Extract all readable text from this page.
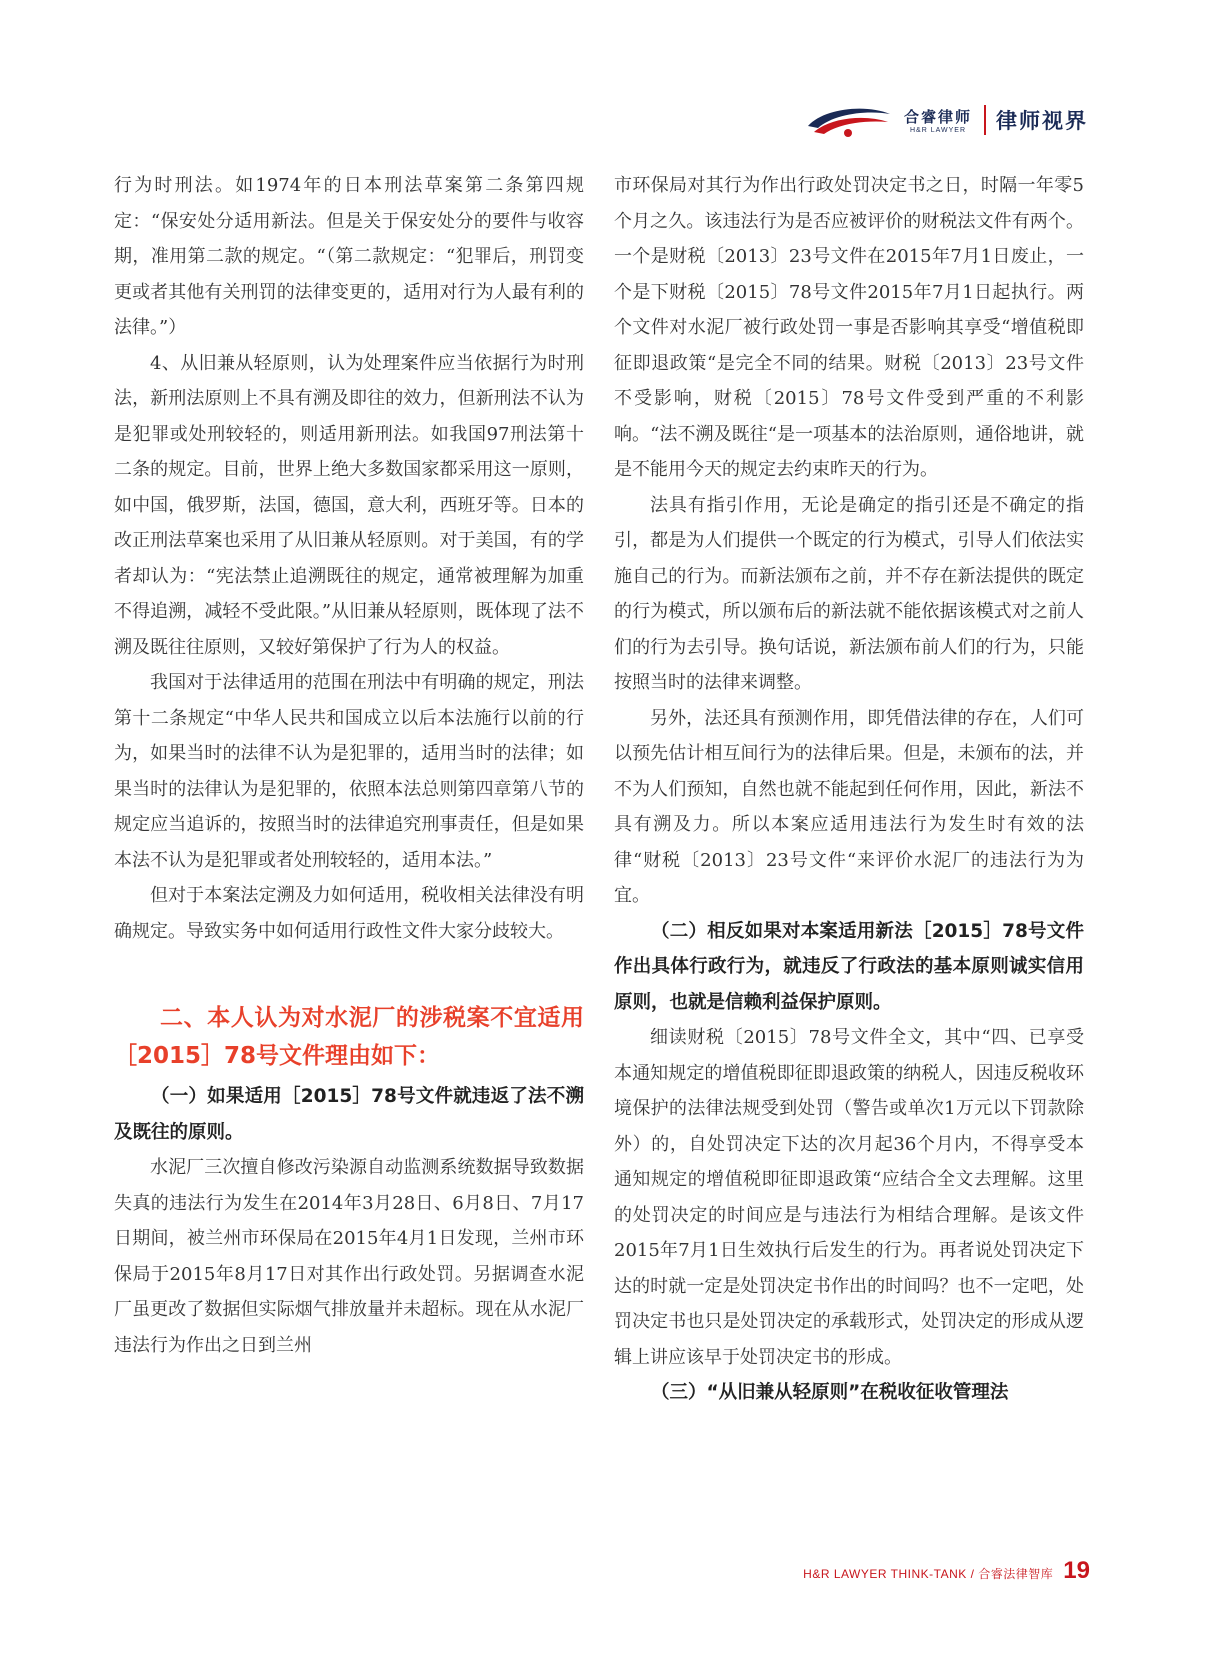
合睿律师
H&R LAWYER 律师视界

行为时刑法。如1974年的日本刑法草案第二条第四规定：“保安处分适用新法。但是关于保安处分的要件与收容期，准用第二款的规定。“（第二款规定：“犯罪后，刑罚变更或者其他有关刑罚的法律变更的，适用对行为人最有利的法律。”）

4、从旧兼从轻原则，认为处理案件应当依据行为时刑法，新刑法原则上不具有溯及即往的效力，但新刑法不认为是犯罪或处刑较轻的，则适用新刑法。如我国97刑法第十二条的规定。目前，世界上绝大多数国家都采用这一原则，如中国，俄罗斯，法国，德国，意大利，西班牙等。日本的改正刑法草案也采用了从旧兼从轻原则。对于美国，有的学者却认为：“宪法禁止追溯既往的规定，通常被理解为加重不得追溯，减轻不受此限。”从旧兼从轻原则，既体现了法不溯及既往往原则，又较好第保护了行为人的权益。

我国对于法律适用的范围在刑法中有明确的规定，刑法第十二条规定“中华人民共和国成立以后本法施行以前的行为，如果当时的法律不认为是犯罪的，适用当时的法律；如果当时的法律认为是犯罪的，依照本法总则第四章第八节的规定应当追诉的，按照当时的法律追究刑事责任，但是如果本法不认为是犯罪或者处刑较轻的，适用本法。”

但对于本案法定溯及力如何适用，税收相关法律没有明确规定。导致实务中如何适用行政性文件大家分歧较大。

二、本人认为对水泥厂的涉税案不宜适用［2015］78号文件理由如下：

（一）如果适用［2015］78号文件就违返了法不溯及既往的原则。

水泥厂三次擅自修改污染源自动监测系统数据导致数据失真的违法行为发生在2014年3月28日、6月8日、7月17日期间，被兰州市环保局在2015年4月1日发现，兰州市环保局于2015年8月17日对其作出行政处罚。另据调查水泥厂虽更改了数据但实际烟气排放量并未超标。现在从水泥厂违法行为作出之日到兰州

市环保局对其行为作出行政处罚决定书之日，时隔一年零5个月之久。该违法行为是否应被评价的财税法文件有两个。一个是财税〔2013〕23号文件在2015年7月1日废止，一个是下财税〔2015〕78号文件2015年7月1日起执行。两个文件对水泥厂被行政处罚一事是否影响其享受“增值税即征即退政策“是完全不同的结果。财税〔2013〕23号文件不受影响，财税〔2015〕78号文件受到严重的不利影响。“法不溯及既往“是一项基本的法治原则，通俗地讲，就是不能用今天的规定去约束昨天的行为。

法具有指引作用，无论是确定的指引还是不确定的指引，都是为人们提供一个既定的行为模式，引导人们依法实施自己的行为。而新法颁布之前，并不存在新法提供的既定的行为模式，所以颁布后的新法就不能依据该模式对之前人们的行为去引导。换句话说，新法颁布前人们的行为，只能按照当时的法律来调整。

另外，法还具有预测作用，即凭借法律的存在，人们可以预先估计相互间行为的法律后果。但是，未颁布的法，并不为人们预知，自然也就不能起到任何作用，因此，新法不具有溯及力。所以本案应适用违法行为发生时有效的法律“财税〔2013〕23号文件“来评价水泥厂的违法行为为宜。

（二）相反如果对本案适用新法［2015］78号文件作出具体行政行为，就违反了行政法的基本原则诚实信用原则，也就是信赖利益保护原则。

细读财税〔2015〕78号文件全文，其中“四、已享受本通知规定的增值税即征即退政策的纳税人，因违反税收环境保护的法律法规受到处罚（警告或单次1万元以下罚款除外）的，自处罚决定下达的次月起36个月内，不得享受本通知规定的增值税即征即退政策“应结合全文去理解。这里的处罚决定的时间应是与违法行为相结合理解。是该文件2015年7月1日生效执行后发生的行为。再者说处罚决定下达的时就一定是处罚决定书作出的时间吗？也不一定吧，处罚决定书也只是处罚决定的承载形式，处罚决定的形成从逻辑上讲应该早于处罚决定书的形成。

（三）“从旧兼从轻原则”在税收征收管理法

H&R LAWYER THINK-TANK / 合睿法律智库 19
